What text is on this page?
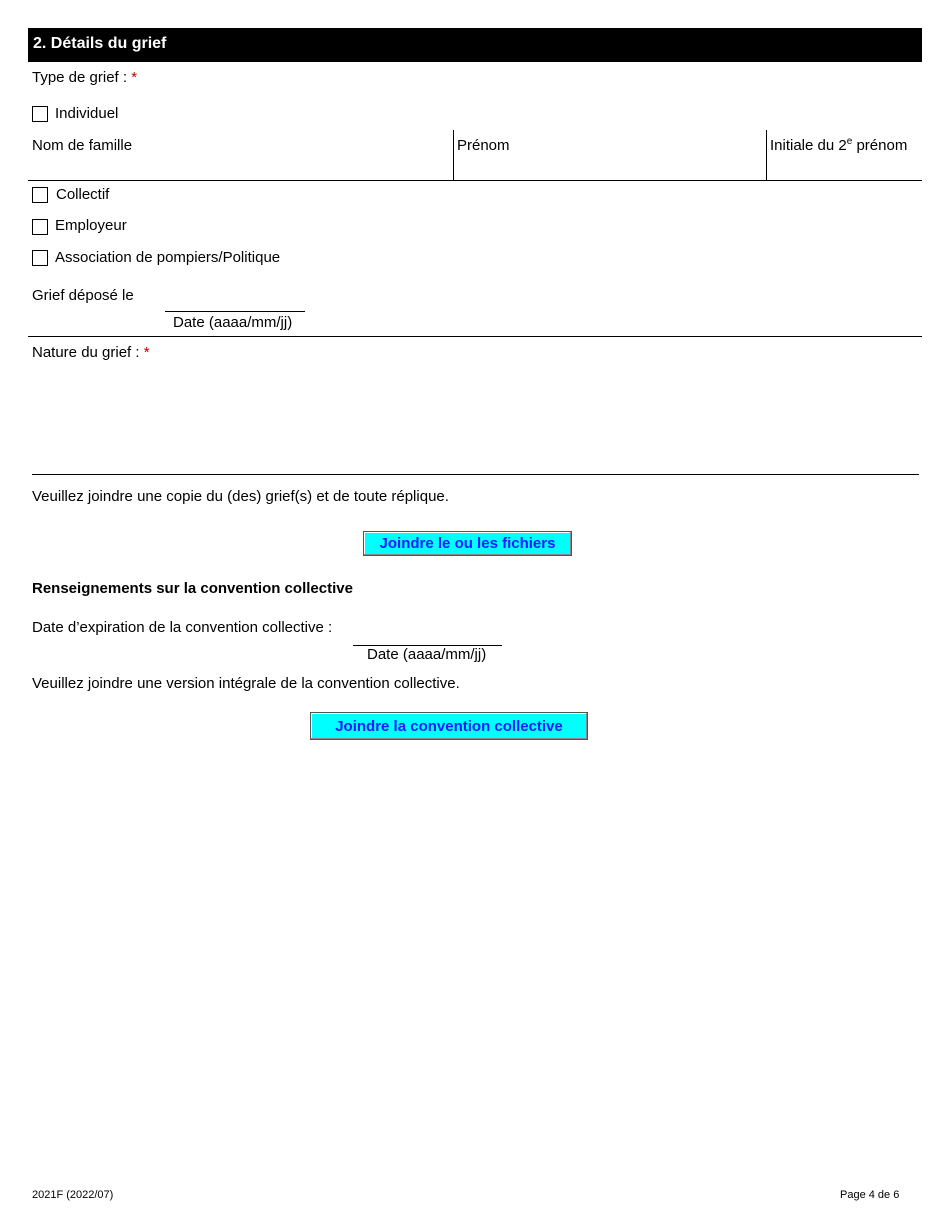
2. Détails du grief
Type de grief : *
Individuel
Nom de famille	Prénom	Initiale du 2e prénom
Collectif
Employeur
Association de pompiers/Politique
Grief déposé le
Date (aaaa/mm/jj)
Nature du grief : *
Veuillez joindre une copie du (des) grief(s) et de toute réplique.
Joindre le ou les fichiers
Renseignements sur la convention collective
Date d’expiration de la convention collective :
Date (aaaa/mm/jj)
Veuillez joindre une version intégrale de la convention collective.
Joindre la convention collective
2021F (2022/07)	Page 4 de 6
